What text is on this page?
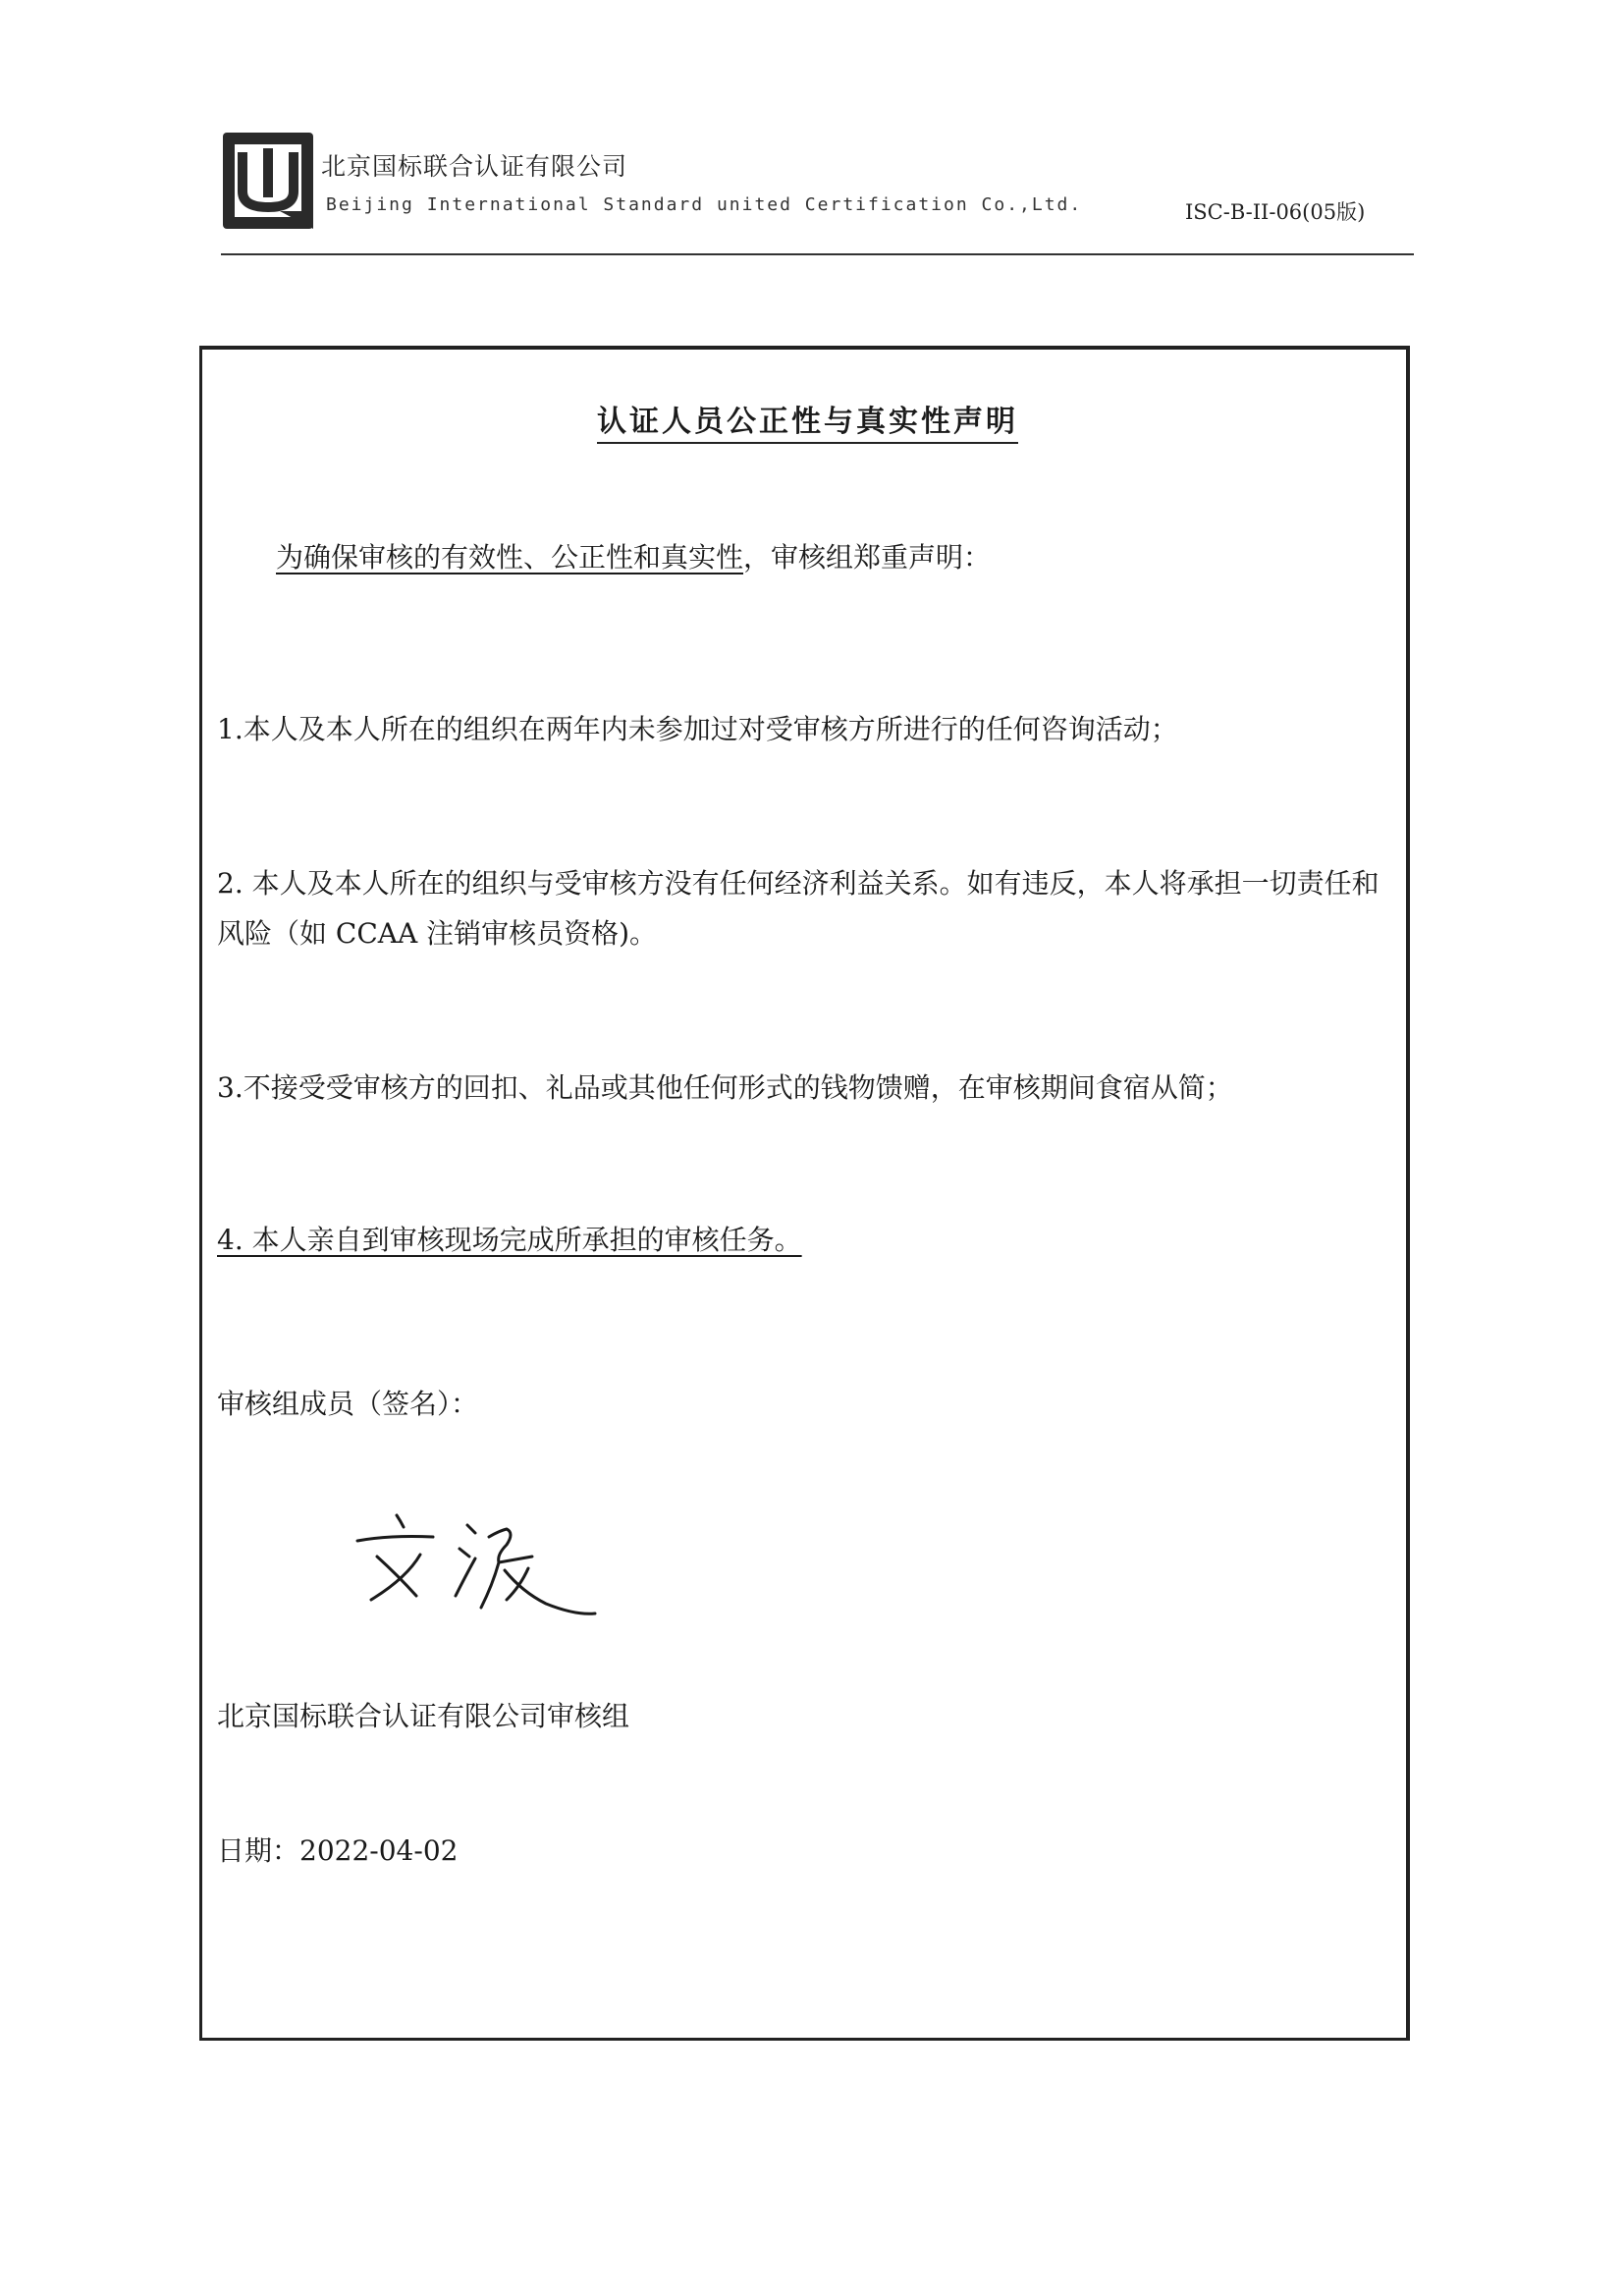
北京国标联合认证有限公司
Beijing International Standard united Certification Co.,Ltd.	ISC-B-II-06(05版)
认证人员公正性与真实性声明
为确保审核的有效性、公正性和真实性，审核组郑重声明：
1.本人及本人所在的组织在两年内未参加过对受审核方所进行的任何咨询活动；
2. 本人及本人所在的组织与受审核方没有任何经济利益关系。如有违反，本人将承担一切责任和
风险（如 CCAA 注销审核员资格)。
3.不接受受审核方的回扣、礼品或其他任何形式的钱物馈赠，在审核期间食宿从简；
4. 本人亲自到审核现场完成所承担的审核任务。
审核组成员（签名）：
北京国标联合认证有限公司审核组
日期：2022-04-02
